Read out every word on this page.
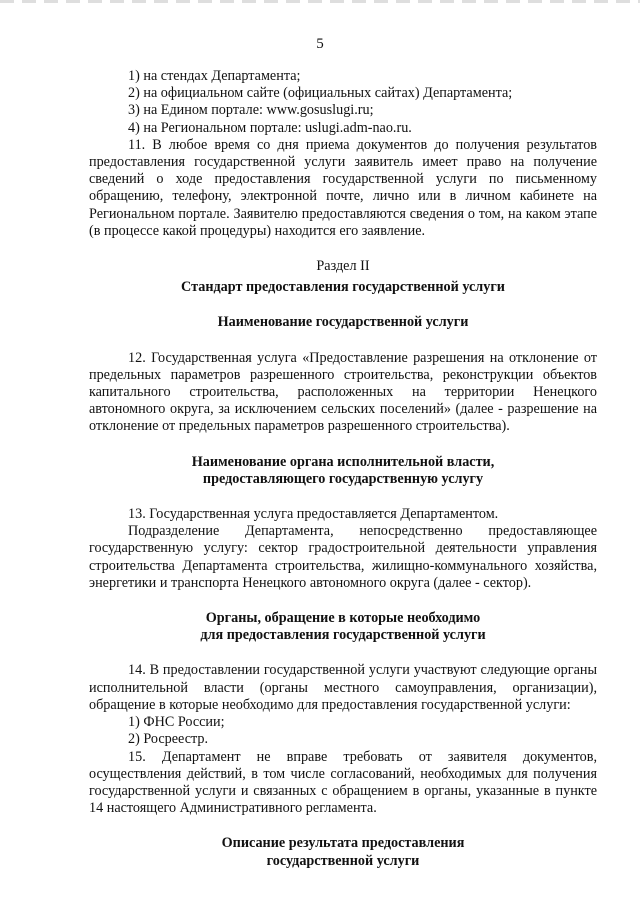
5

1) на стендах Департамента;

2) на официальном сайте (официальных сайтах) Департамента;

3) на Едином портале: www.gosuslugi.ru;

4) на Региональном портале: uslugi.adm-nao.ru.

11. В любое время со дня приема документов до получения результатов предоставления государственной услуги заявитель имеет право на получение сведений о ходе предоставления государственной услуги по письменному обращению, телефону, электронной почте, лично или в личном кабинете на Региональном портале. Заявителю предоставляются сведения о том, на каком этапе (в процессе какой процедуры) находится его заявление.

Раздел II

Стандарт предоставления государственной услуги

Наименование государственной услуги

12. Государственная услуга «Предоставление разрешения на отклонение от предельных параметров разрешенного строительства, реконструкции объектов капитального строительства, расположенных на территории Ненецкого автономного округа, за исключением сельских поселений» (далее - разрешение на отклонение от предельных параметров разрешенного строительства).

Наименование органа исполнительной власти,

предоставляющего государственную услугу

13. Государственная услуга предоставляется Департаментом.

Подразделение Департамента, непосредственно предоставляющее государственную услугу: сектор градостроительной деятельности управления строительства Департамента строительства, жилищно-коммунального хозяйства, энергетики и транспорта Ненецкого автономного округа (далее - сектор).

Органы, обращение в которые необходимо

для предоставления государственной услуги

14. В предоставлении государственной услуги участвуют следующие органы исполнительной власти (органы местного самоуправления, организации), обращение в которые необходимо для предоставления государственной услуги:

1) ФНС России;

2) Росреестр.

15. Департамент не вправе требовать от заявителя документов, осуществления действий, в том числе согласований, необходимых для получения государственной услуги и связанных с обращением в органы, указанные в пункте 14 настоящего Административного регламента.

Описание результата предоставления

государственной услуги
